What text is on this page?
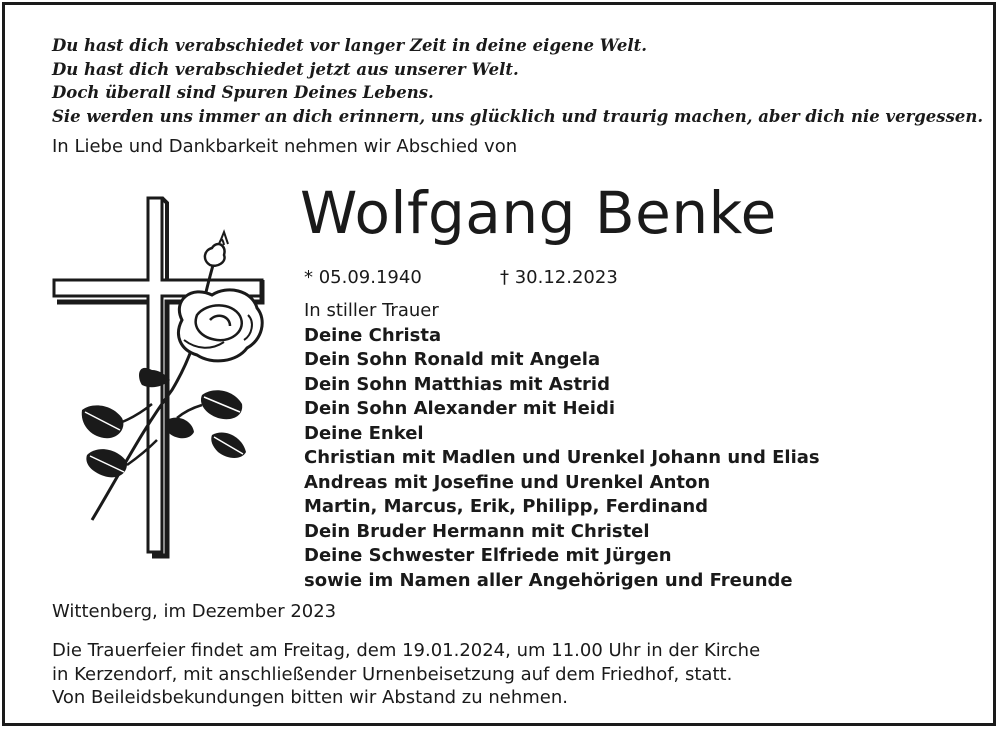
Du hast dich verabschiedet vor langer Zeit in deine eigene Welt.
Du hast dich verabschiedet jetzt aus unserer Welt.
Doch überall sind Spuren Deines Lebens.
Sie werden uns immer an dich erinnern, uns glücklich und traurig machen, aber dich nie vergessen.
In Liebe und Dankbarkeit nehmen wir Abschied von
Wolfgang Benke
* 05.09.1940	† 30.12.2023
In stiller Trauer
Deine Christa
Dein Sohn Ronald mit Angela
Dein Sohn Matthias mit Astrid
Dein Sohn Alexander mit Heidi
Deine Enkel
Christian mit Madlen und Urenkel Johann und Elias
Andreas mit Josefine und Urenkel Anton
Martin, Marcus, Erik, Philipp, Ferdinand
Dein Bruder Hermann mit Christel
Deine Schwester Elfriede mit Jürgen
sowie im Namen aller Angehörigen und Freunde
Wittenberg, im Dezember 2023
Die Trauerfeier findet am Freitag, dem 19.01.2024, um 11.00 Uhr in der Kirche
in Kerzendorf, mit anschließender Urnenbeisetzung auf dem Friedhof, statt.
Von Beileidsbekundungen bitten wir Abstand zu nehmen.
